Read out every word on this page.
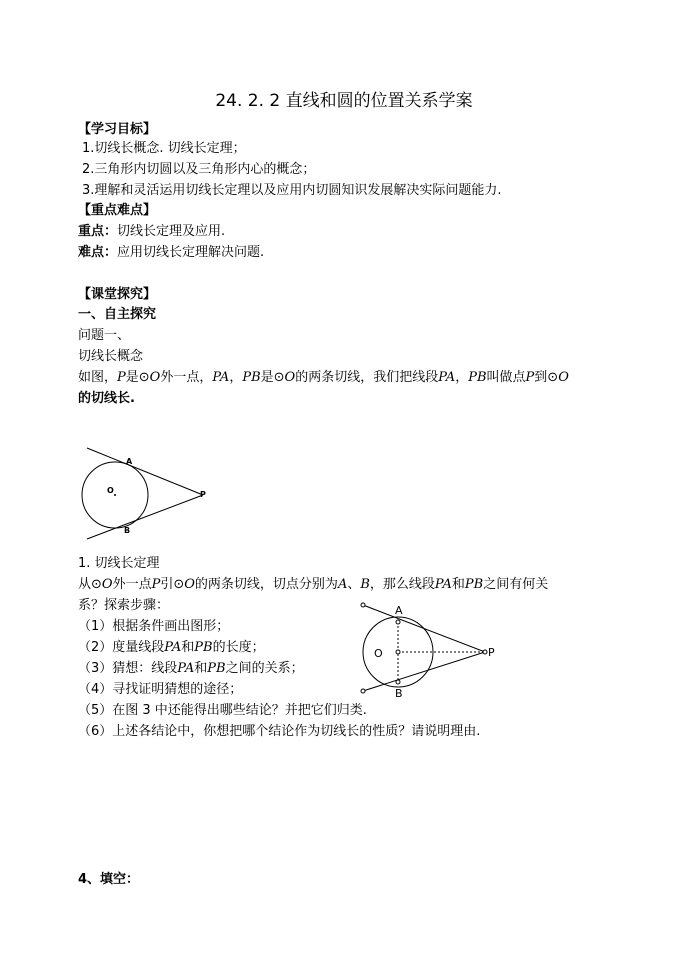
24. 2. 2 直线和圆的位置关系学案
【学习目标】
1.切线长概念. 切线长定理；
2.三角形内切圆以及三角形内心的概念；
3.理解和灵活运用切线长定理以及应用内切圆知识发展解决实际问题能力.
【重点难点】
重点：切线长定理及应用.
难点：应用切线长定理解决问题.
【课堂探究】
一、自主探究
问题一、
切线长概念
如图，P是⊙O外一点，PA，PB是⊙O的两条切线，我们把线段PA，PB叫做点P到⊙O
的切线长.
A
B
O	P
1. 切线长定理
从⊙O外一点P引⊙O的两条切线，切点分别为A、B，那么线段PA和PB之间有何关
系？探索步骤：
（1）根据条件画出图形；
（2）度量线段PA和PB的长度；
（3）猜想：线段PA和PB之间的关系；
（4）寻找证明猜想的途径；
（5）在图 3 中还能得出哪些结论？并把它们归类.
（6）上述各结论中，你想把哪个结论作为切线长的性质？请说明理由.
A
B
O	P
4、填空：
